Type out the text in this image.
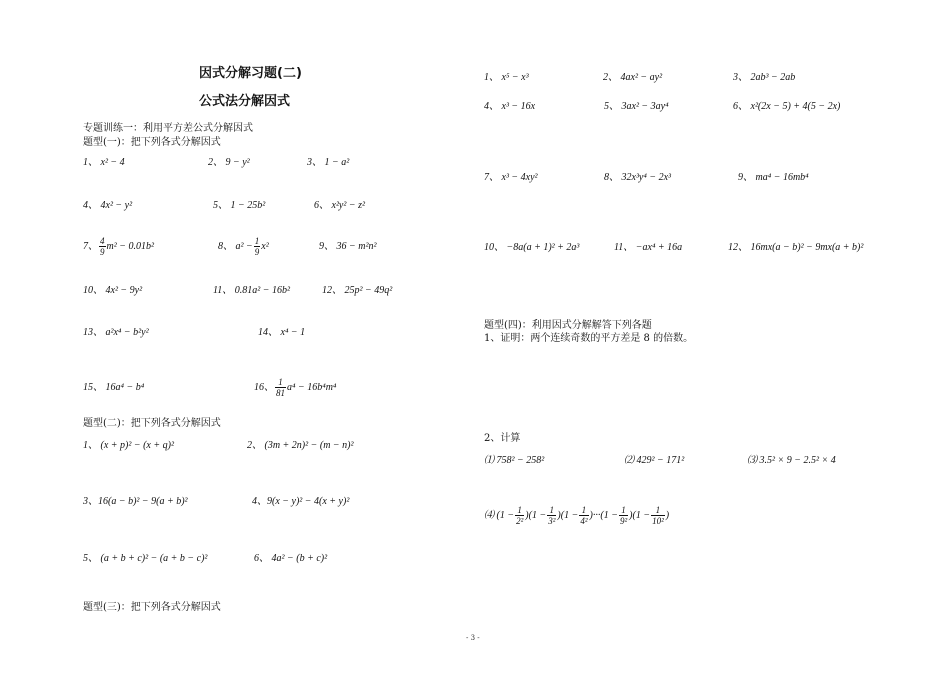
因式分解习题(二)
公式法分解因式
专题训练一：利用平方差公式分解因式
题型(一)：把下列各式分解因式
1、 x² − 4	2、 9 − y²	3、 1 − a²
4、 4x² − y²	5、 1 − 25b²	6、 x²y² − z²
7、 $\frac{4}{9} m^2 - 0.01b^2$	8、 $a^2 - \frac{1}{9} x^2$	9、 36 − m²n²
10、 4x² − 9y²	11、 0.81a² − 16b²	12、 25p² − 49q²
13、 a²x⁴ − b²y²	14、 x⁴ − 1
15、 16a⁴ − b⁴	16、 $\frac{1}{81} a^4 - 16b^4m^4$
题型(二)：把下列各式分解因式
1、 (x + p)² − (x + q)²	2、 (3m + 2n)² − (m − n)²
3、16(a − b)² − 9(a + b)²	4、9(x − y)² − 4(x + y)²
5、 (a + b + c)² − (a + b − c)²	6、 4a² − (b + c)²
题型(三)：把下列各式分解因式
1、 x⁵ − x³	2、 4ax² − ay²	3、 2ab³ − 2ab
4、 x³ − 16x	5、 3ax² − 3ay⁴	6、 x²(2x − 5) + 4(5 − 2x)
7、 x³ − 4xy²	8、 32x³y⁴ − 2x³	9、 ma⁴ − 16mb⁴
10、 −8a(a + 1)² + 2a³	11、 −ax⁴ + 16a	12、 16mx(a − b)² − 9mx(a + b)²
题型(四)：利用因式分解解答下列各题
1、证明：两个连续奇数的平方差是 8 的倍数。
2、计算
⑴ 758² − 258²	⑵ 429² − 171²	⑶ 3.5² × 9 − 2.5² × 4
⑷ $(1 - \frac{1}{\text{2²}} )(1 - \frac{1}{\text{3²}} )(1 - \frac{1}{\text{4²}} )\cdot\cdot\cdot(1 - \frac{1}{\text{9²}} )(1 - \frac{1}{\text{10²}}$ )
- 3 -
